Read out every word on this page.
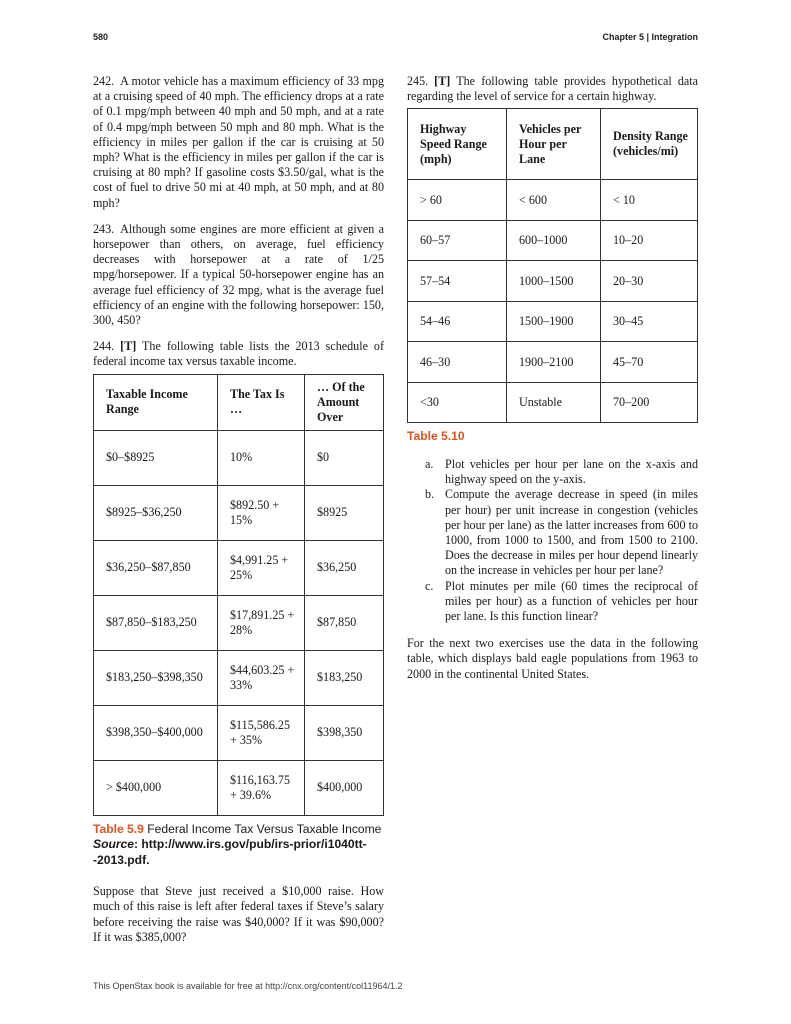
580	Chapter 5 | Integration

242. A motor vehicle has a maximum efficiency of 33 mpg at a cruising speed of 40 mph. The efficiency drops at a rate of 0.1 mpg/mph between 40 mph and 50 mph, and at a rate of 0.4 mpg/mph between 50 mph and 80 mph. What is the efficiency in miles per gallon if the car is cruising at 50 mph? What is the efficiency in miles per gallon if the car is cruising at 80 mph? If gasoline costs $3.50/gal, what is the cost of fuel to drive 50 mi at 40 mph, at 50 mph, and at 80 mph?

243. Although some engines are more efficient at given a horsepower than others, on average, fuel efficiency decreases with horsepower at a rate of 1/25 mpg/horsepower. If a typical 50-horsepower engine has an average fuel efficiency of 32 mpg, what is the average fuel efficiency of an engine with the following horsepower: 150, 300, 450?

244. [T] The following table lists the 2013 schedule of federal income tax versus taxable income.

Taxable Income Range	The Tax Is …	… Of the Amount Over
$0–$8925	10%	$0
$8925–$36,250	$892.50 + 15%	$8925
$36,250–$87,850	$4,991.25 + 25%	$36,250
$87,850–$183,250	$17,891.25 + 28%	$87,850
$183,250–$398,350	$44,603.25 + 33%	$183,250
$398,350–$400,000	$115,586.25 + 35%	$398,350
> $400,000	$116,163.75 + 39.6%	$400,000
Table 5.9 Federal Income Tax Versus Taxable Income Source: http://www.irs.gov/pub/irs-prior/i1040tt--2013.pdf.

Suppose that Steve just received a $10,000 raise. How much of this raise is left after federal taxes if Steve’s salary before receiving the raise was $40,000? If it was $90,000? If it was $385,000?

245. [T] The following table provides hypothetical data regarding the level of service for a certain highway.

Highway Speed Range (mph)	Vehicles per Hour per Lane	Density Range (vehicles/mi)
> 60	< 600	< 10
60–57	600–1000	10–20
57–54	1000–1500	20–30
54–46	1500–1900	30–45
46–30	1900–2100	45–70
<30	Unstable	70–200
Table 5.10
a. Plot vehicles per hour per lane on the x-axis and highway speed on the y-axis.
b. Compute the average decrease in speed (in miles per hour) per unit increase in congestion (vehicles per hour per lane) as the latter increases from 600 to 1000, from 1000 to 1500, and from 1500 to 2100. Does the decrease in miles per hour depend linearly on the increase in vehicles per hour per lane?
c. Plot minutes per mile (60 times the reciprocal of miles per hour) as a function of vehicles per hour per lane. Is this function linear?

For the next two exercises use the data in the following table, which displays bald eagle populations from 1963 to 2000 in the continental United States.

This OpenStax book is available for free at http://cnx.org/content/col11964/1.2
